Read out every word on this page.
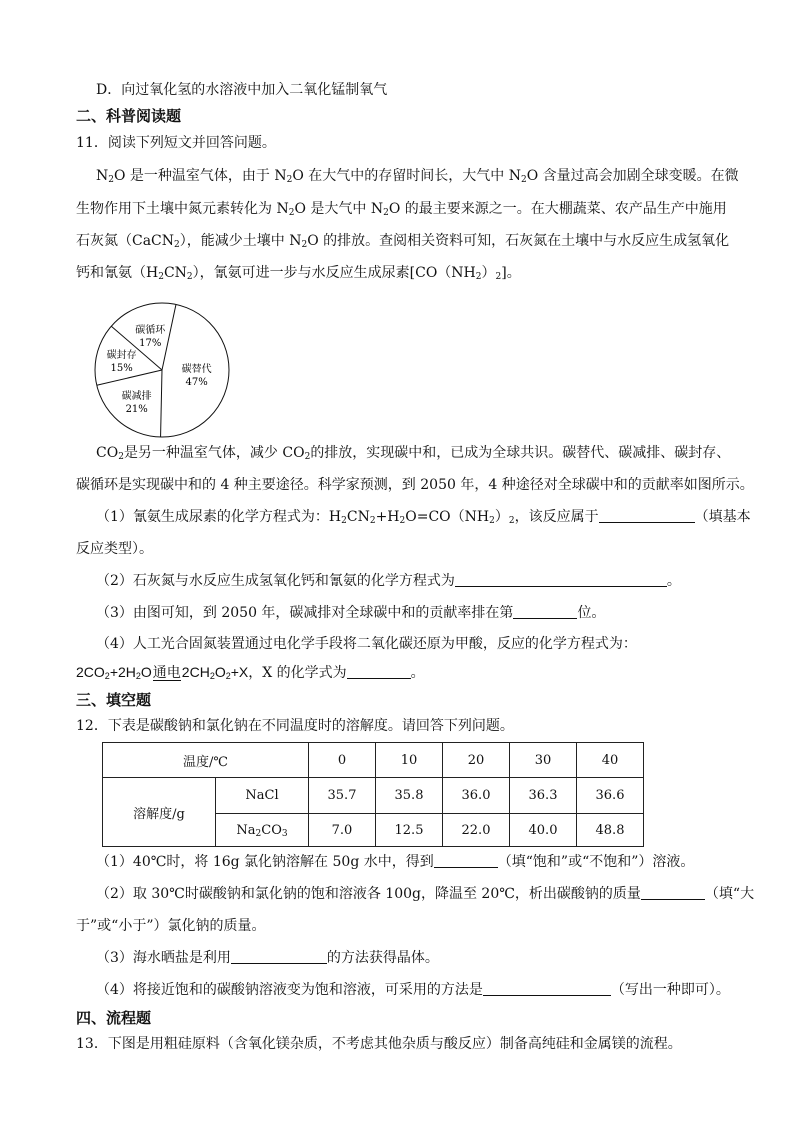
D．向过氧化氢的水溶液中加入二氧化锰制氧气
二、科普阅读题
11．阅读下列短文并回答问题。
$N_2O$ 是一种温室气体，由于 $N_2O$ 在大气中的存留时间长，大气中 $N_2O$ 含量过高会加剧全球变暖。在微
生物作用下土壤中氮元素转化为 $N_2O$ 是大气中 $N_2O$ 的最主要来源之一。在大棚蔬菜、农产品生产中施用
石灰氮（CaCN$_2$），能减少土壤中 $N_2O$ 的排放。查阅相关资料可知，石灰氮在土壤中与水反应生成氢氧化
钙和氰氨$(H_2CN_2)$，氰氨可进一步与水反应生成尿素$[CO(NH_2)_2]$。
碳替代
47%
碳减排
21%
碳封存
15%
碳循环
17%
$CO_2$是另一种温室气体，减少 $CO_2$的排放，实现碳中和，已成为全球共识。碳替代、碳减排、碳封存、
碳循环是实现碳中和的 4 种主要途径。科学家预测，到 2050 年，4 种途径对全球碳中和的贡献率如图所示。
（1）氰氨生成尿素的化学方程式为：$H_2CN_2+H_2O=CO(NH_2)_2$，该反应属于	（填基本
反应类型）。
（2）石灰氮与水反应生成氢氧化钙和氰氨的化学方程式为	。
（3）由图可知，到 2050 年，碳减排对全球碳中和的贡献率排在第	位。
（4）人工光合固氮装置通过电化学手段将二氧化碳还原为甲酸，反应的化学方程式为：
$2CO_2+2H_2O$ 通电 $2CH_2O_2+X$，X 的化学式为	。
三、填空题
12．下表是碳酸钠和氯化钠在不同温度时的溶解度。请回答下列问题。
温度/℃		0	10	20	30	40
溶解度/g	NaCl	35.7	35.8	36.0	36.3	36.6
	$Na_2CO_3$	7.0	12.5	22.0	40.0	48.8
（1）40℃时，将 16g 氯化钠溶解在 50g 水中，得到	（填“饱和”或“不饱和”）溶液。
（2）取 30℃时碳酸钠和氯化钠的饱和溶液各 100g，降温至 20℃，析出碳酸钠的质量	（填“大
于”或“小于”）氯化钠的质量。
（3）海水晒盐是利用	的方法获得晶体。
（4）将接近饱和的碳酸钠溶液变为饱和溶液，可采用的方法是	（写出一种即可）。
四、流程题
13．下图是用粗硅原料（含氧化镁杂质，不考虑其他杂质与酸反应）制备高纯硅和金属镁的流程。
